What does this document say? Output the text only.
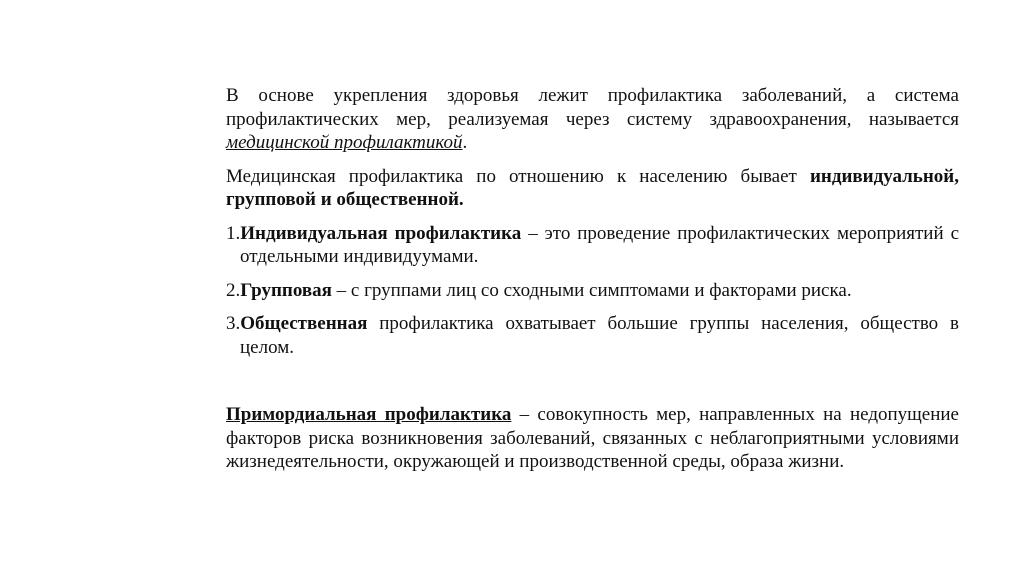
В основе укрепления здоровья лежит профилактика заболеваний, а система профилактических мер, реализуемая через систему здравоохранения, называется медицинской профилактикой.

Медицинская профилактика по отношению к населению бывает индивидуальной, групповой и общественной.

1.Индивидуальная профилактика – это проведение профилактических мероприятий с отдельными индивидуумами.

2.Групповая – с группами лиц со сходными симптомами и факторами риска.

3.Общественная профилактика охватывает большие группы населения, общество в целом.

Примордиальная профилактика – совокупность мер, направленных на недопущение факторов риска возникновения заболеваний, связанных с неблагоприятными условиями жизнедеятельности, окружающей и производственной среды, образа жизни.
